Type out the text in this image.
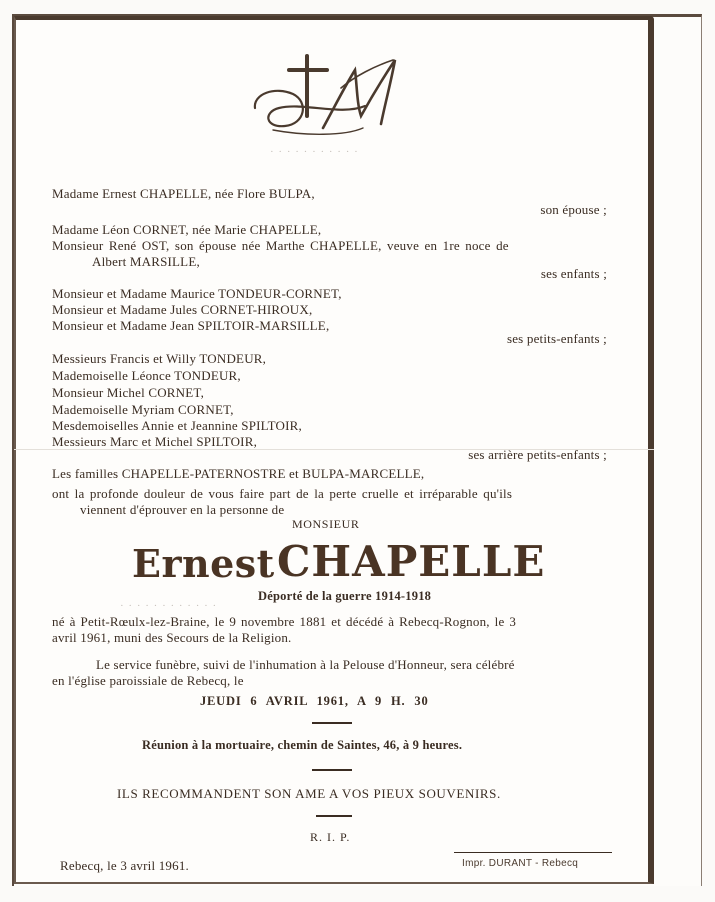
· · · · · · · · · · ·
Madame Ernest CHAPELLE, née Flore BULPA,
son épouse ;
Madame Léon CORNET, née Marie CHAPELLE,
Monsieur René OST, son épouse née Marthe CHAPELLE, veuve en 1re noce de
Albert MARSILLE,
ses enfants ;
Monsieur et Madame Maurice TONDEUR-CORNET,
Monsieur et Madame Jules CORNET-HIROUX,
Monsieur et Madame Jean SPILTOIR-MARSILLE,
ses petits-enfants ;
Messieurs Francis et Willy TONDEUR,
Mademoiselle Léonce TONDEUR,
Monsieur Michel CORNET,
Mademoiselle Myriam CORNET,
Mesdemoiselles Annie et Jeannine SPILTOIR,
Messieurs Marc et Michel SPILTOIR,
ses arrière petits-enfants ;
Les familles CHAPELLE-PATERNOSTRE et BULPA-MARCELLE,
ont la profonde douleur de vous faire part de la perte cruelle et irréparable qu'ils
viennent d'éprouver en la personne de
MONSIEUR
Ernest CHAPELLE
Déporté de la guerre 1914-1918
· · · · · · · · · · · ·
né à Petit-Rœulx-lez-Braine, le 9 novembre 1881 et décédé à Rebecq-Rognon, le 3
avril 1961, muni des Secours de la Religion.
Le service funèbre, suivi de l'inhumation à la Pelouse d'Honneur, sera célébré
en l'église paroissiale de Rebecq, le
JEUDI 6 AVRIL 1961, A 9 H. 30
Réunion à la mortuaire, chemin de Saintes, 46, à 9 heures.
ILS RECOMMANDENT SON AME A VOS PIEUX SOUVENIRS.
R. I. P.
Rebecq, le 3 avril 1961.	Impr. DURANT - Rebecq
